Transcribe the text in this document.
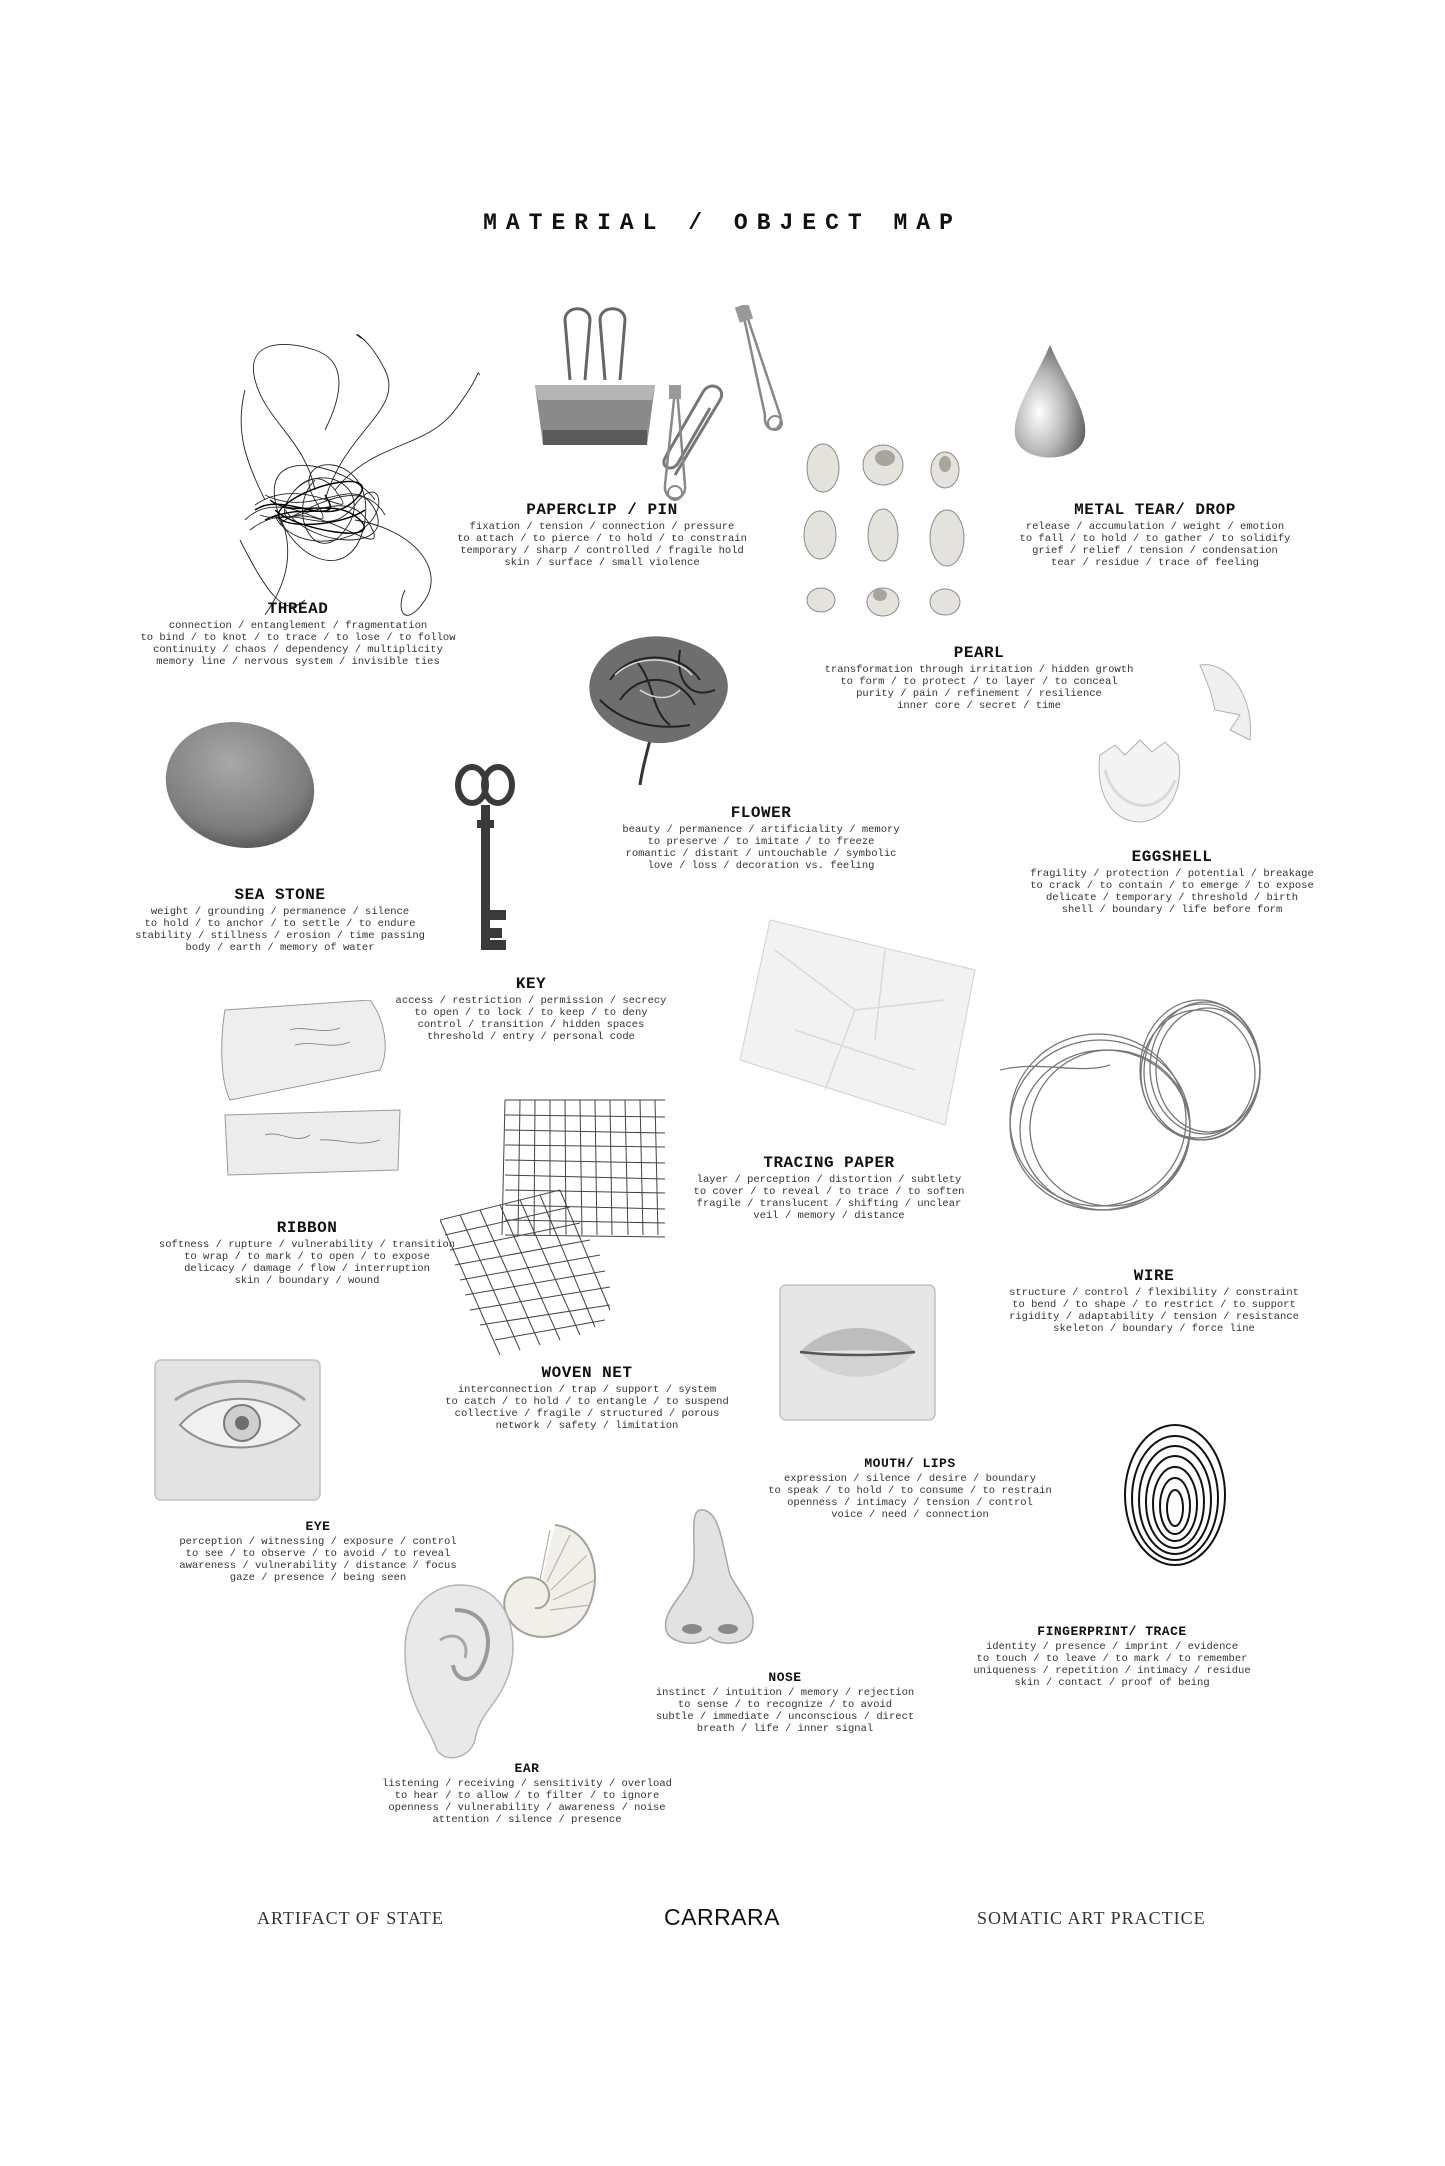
MATERIAL / OBJECT MAP
THREAD
connection / entanglement / fragmentation
to bind / to knot / to trace / to lose / to follow
continuity / chaos / dependency / multiplicity
memory line / nervous system / invisible ties
PAPERCLIP / PIN
fixation / tension / connection / pressure
to attach / to pierce / to hold / to constrain
temporary / sharp / controlled / fragile hold
skin / surface / small violence
METAL TEAR/ DROP
release / accumulation / weight / emotion
to fall / to hold / to gather / to solidify
grief / relief / tension / condensation
tear / residue / trace of feeling
PEARL
transformation through irritation / hidden growth
to form / to protect / to layer / to conceal
purity / pain / refinement / resilience
inner core / secret / time
FLOWER
beauty / permanence / artificiality / memory
to preserve / to imitate / to freeze
romantic / distant / untouchable / symbolic
love / loss / decoration vs. feeling	EGGSHELL
fragility / protection / potential / breakage
to crack / to contain / to emerge / to expose
delicate / temporary / threshold / birth
shell / boundary / life before form
SEA STONE
weight / grounding / permanence / silence
to hold / to anchor / to settle / to endure
stability / stillness / erosion / time passing
body / earth / memory of water
KEY
access / restriction / permission / secrecy
to open / to lock / to keep / to deny
control / transition / hidden spaces
threshold / entry / personal code
TRACING PAPER
layer / perception / distortion / subtlety
to cover / to reveal / to trace / to soften
fragile / translucent / shifting / unclear
veil / memory / distance
RIBBON
softness / rupture / vulnerability / transition
to wrap / to mark / to open / to expose
delicacy / damage / flow / interruption
skin / boundary / wound	WIRE
structure / control / flexibility / constraint
to bend / to shape / to restrict / to support
rigidity / adaptability / tension / resistance
skeleton / boundary / force line
WOVEN NET
interconnection / trap / support / system
to catch / to hold / to entangle / to suspend
collective / fragile / structured / porous
network / safety / limitation
MOUTH/ LIPS
expression / silence / desire / boundary
to speak / to hold / to consume / to restrain
openness / intimacy / tension / control
voice / need / connection
EYE
perception / witnessing / exposure / control
to see / to observe / to avoid / to reveal
awareness / vulnerability / distance / focus
gaze / presence / being seen
FINGERPRINT/ TRACE
identity / presence / imprint / evidence
to touch / to leave / to mark / to remember
uniqueness / repetition / intimacy / residue
skin / contact / proof of being
NOSE
instinct / intuition / memory / rejection
to sense / to recognize / to avoid
subtle / immediate / unconscious / direct
breath / life / inner signal
EAR
listening / receiving / sensitivity / overload
to hear / to allow / to filter / to ignore
openness / vulnerability / awareness / noise
attention / silence / presence
ARTIFACT OF STATE	CARRARA	SOMATIC ART PRACTICE
